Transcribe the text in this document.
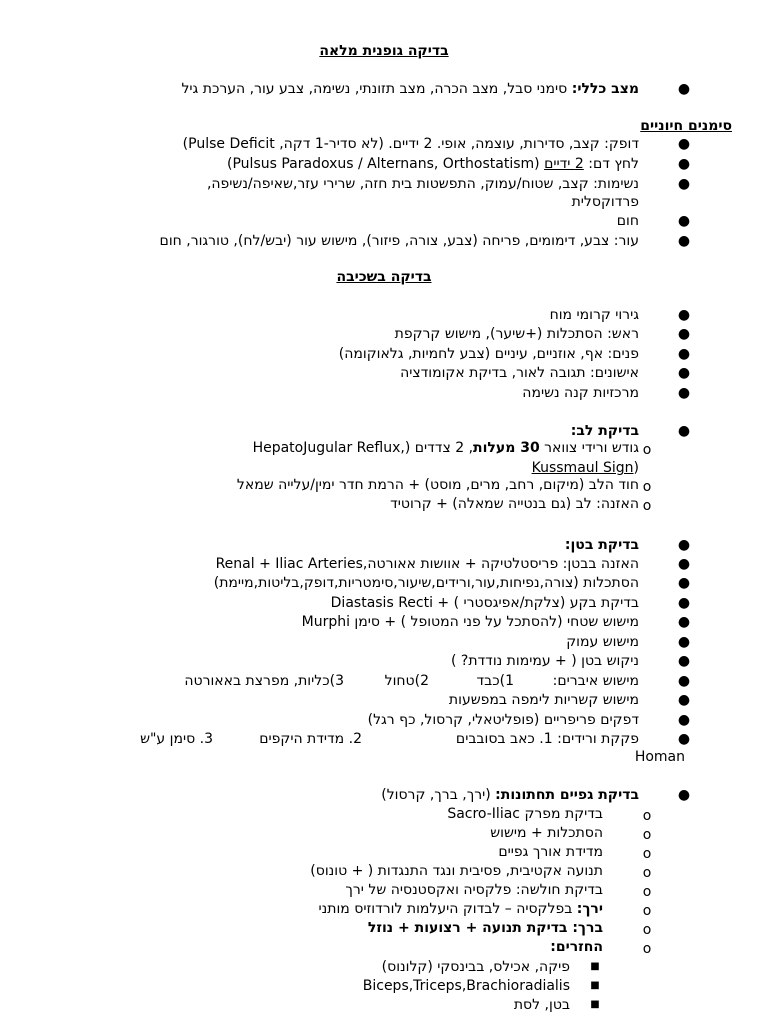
בדיקה גופנית מלאה
●
מצב כללי: סימני סבל, מצב הכרה, מצב תזונתי, נשימה, צבע עור, הערכת גיל
סימנים חיוניים
●
דופק: קצב, סדירות, עוצמה, אופי. 2 ידיים. (לא סדיר-1 דקה, Pulse Deficit)
●
לחץ דם: 2 ידיים (Pulsus Paradoxus / Alternans, Orthostatism)
●
נשימות: קצב, שטוח/עמוק, התפשטות בית חזה, שרירי עזר,שאיפה/נשיפה,
פרדוקסלית
●
חום
●
עור: צבע, דימומים, פריחה (צבע, צורה, פיזור), מישוש עור (יבש/לח), טורגור, חום
בדיקה בשכיבה
●
גירוי קרומי מוח
●
ראש: הסתכלות (+שיער), מישוש קרקפת
●
פנים: אף, אוזניים, עיניים (צבע לחמיות, גלאוקומה)
●
אישונים: תגובה לאור, בדיקת אקומודציה
●
מרכזיות קנה נשימה
●
בדיקת לב:
o
גודש ורידי צוואר 30 מעלות, 2 צדדים (,HepatoJugular Reflux
Kussmaul Sign)
o
חוד הלב (מיקום, רחב, מרים, מוסט) + הרמת חדר ימין/עלייה שמאל
o
האזנה: לב (גם בנטייה שמאלה) + קרוטיד
●
בדיקת בטן:
●
האזנה בבטן: פריסטלטיקה + אוושות אאורטה,Renal + Iliac Arteries
●
הסתכלות (צורה,נפיחות,עור,ורידים,שיעור,סימטריות,דופק,בליטות,מיימת)
●
בדיקת בקע (צלקת/אפיגסטרי ) + Diastasis Recti
●
מישוש שטחי (להסתכל על פני המטופל ) + סימן Murphi
●
מישוש עמוק
●
ניקוש בטן ( + עמימות נודדת? )
●
מישוש איברים:
1)כבד
2)טחול
3)כליות, מפרצת באאורטה
●
מישוש קשריות לימפה במפשעות
●
דפקים פריפריים (פופליטאלי, קרסול, כף רגל)
●
פקקת ורידים: 1. כאב בסובבים
2. מדידת היקפים
3. סימן ע"ש
Homan
●
בדיקת גפיים תחתונות: (ירך, ברך, קרסול)
o
בדיקת מפרק Sacro-Iliac
o
הסתכלות + מישוש
o
מדידת אורך גפיים
o
תנועה אקטיבית, פסיבית ונגד התנגדות ( + טונוס)
o
בדיקת חולשה: פלקסיה ואקסטנסיה של ירך
o
ירך: בפלקסיה – לבדוק היעלמות לורדוזיס מותני
o
ברך: בדיקת תנועה + רצועות + נוזל
o
החזרים:
■
פיקה, אכילס, בבינסקי (קלונוס)
■
Biceps,Triceps,Brachioradialis
■
בטן, לסת
